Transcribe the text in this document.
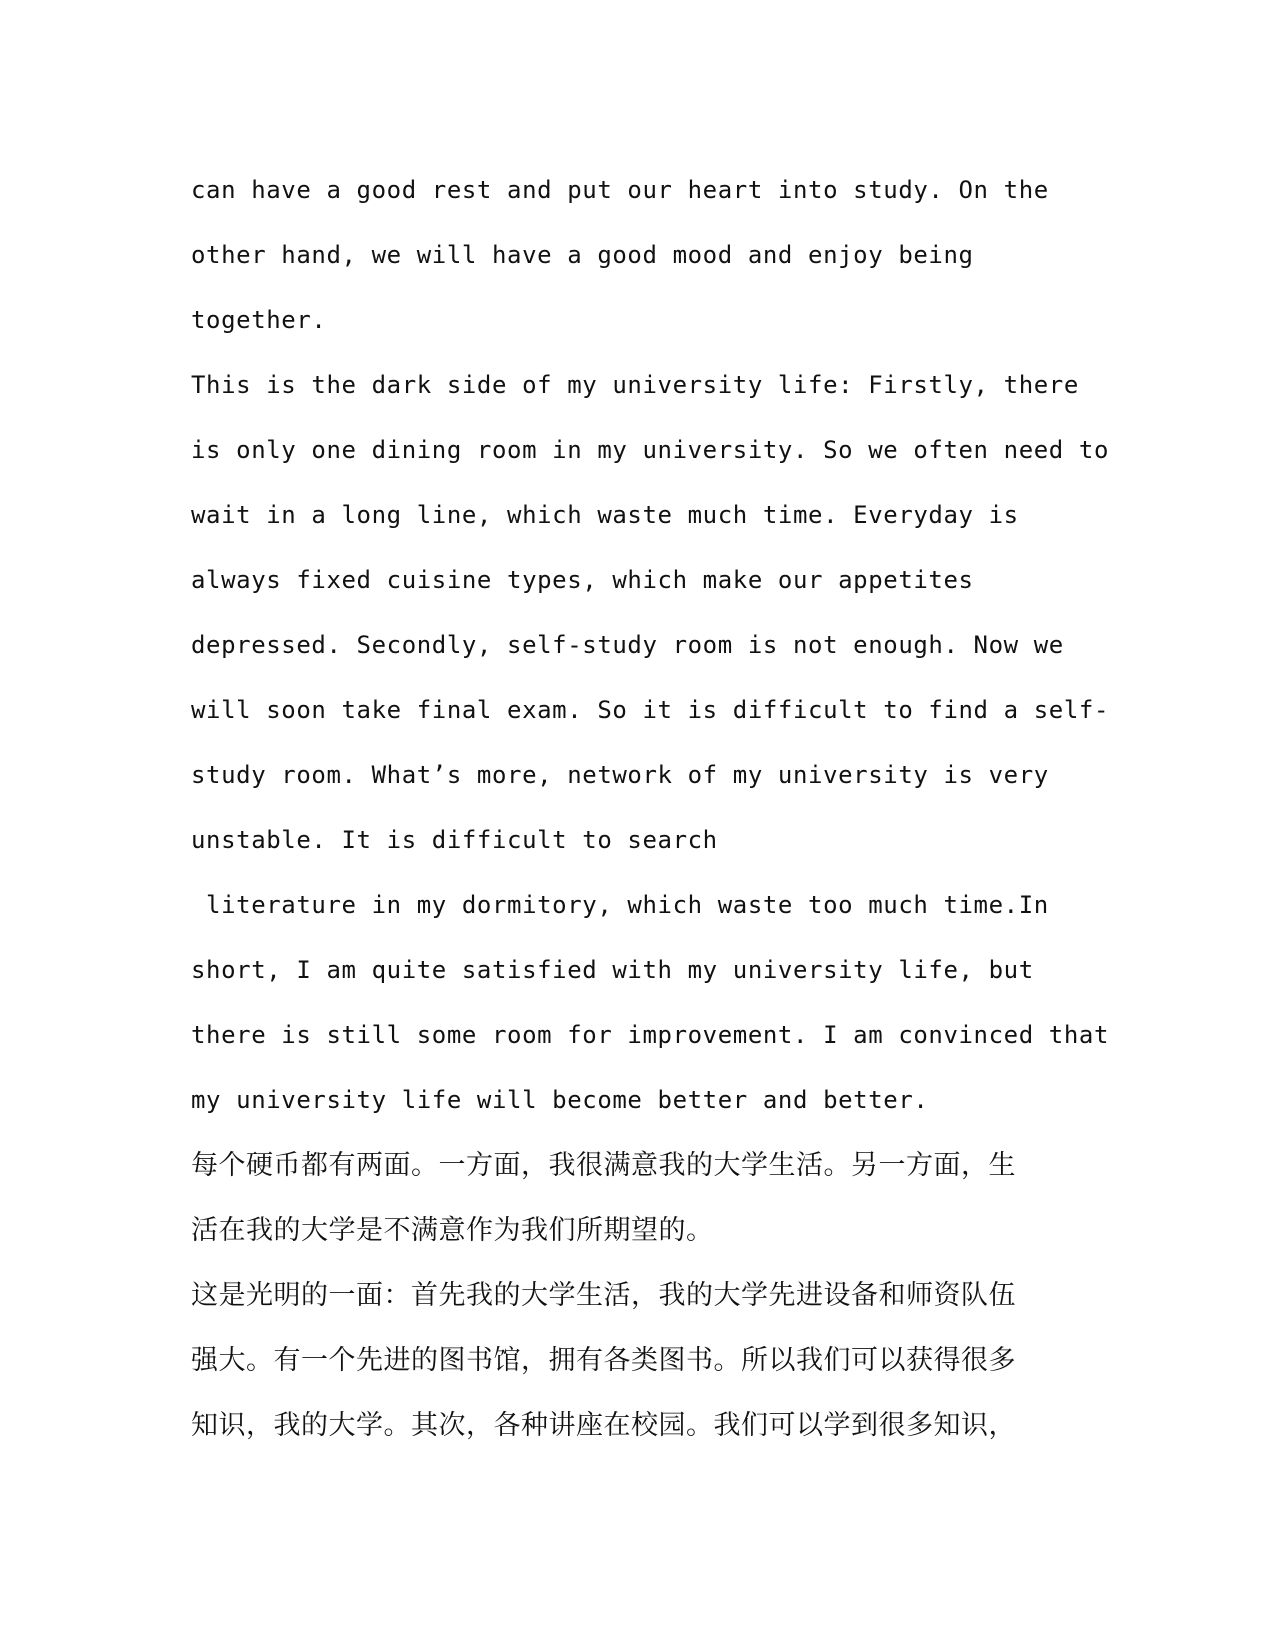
can have a good rest and put our heart into study. On the
other hand, we will have a good mood and enjoy being
together.
This is the dark side of my university life: Firstly, there
is only one dining room in my university. So we often need to
wait in a long line, which waste much time. Everyday is
always fixed cuisine types, which make our appetites
depressed. Secondly, self-study room is not enough. Now we
will soon take final exam. So it is difficult to find a self-
study room. What’s more, network of my university is very
unstable. It is difficult to search
literature in my dormitory, which waste too much time.In
short, I am quite satisfied with my university life, but
there is still some room for improvement. I am convinced that
my university life will become better and better.
每个硬币都有两面。一方面，我很满意我的大学生活。另一方面，生
活在我的大学是不满意作为我们所期望的。
这是光明的一面：首先我的大学生活，我的大学先进设备和师资队伍
强大。有一个先进的图书馆，拥有各类图书。所以我们可以获得很多
知识，我的大学。其次，各种讲座在校园。我们可以学到很多知识，
